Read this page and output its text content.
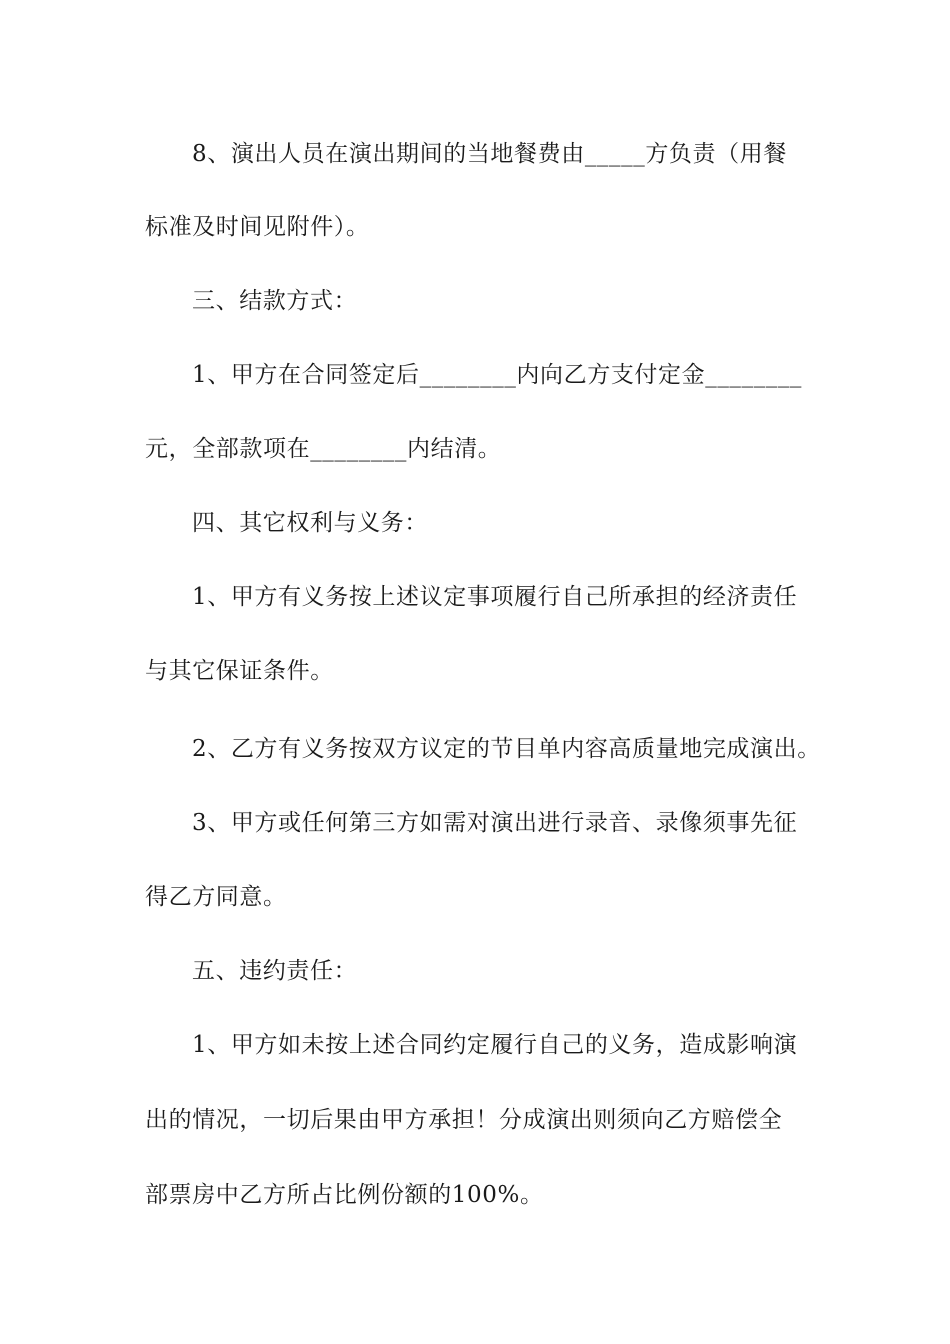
8、演出人员在演出期间的当地餐费由_____方负责（用餐
标准及时间见附件）。
三、结款方式：
1、甲方在合同签定后________内向乙方支付定金________
元，全部款项在________内结清。
四、其它权利与义务：
1、甲方有义务按上述议定事项履行自己所承担的经济责任
与其它保证条件。
2、乙方有义务按双方议定的节目单内容高质量地完成演出。
3、甲方或任何第三方如需对演出进行录音、录像须事先征
得乙方同意。
五、违约责任：
1、甲方如未按上述合同约定履行自己的义务，造成影响演
出的情况，一切后果由甲方承担！分成演出则须向乙方赔偿全
部票房中乙方所占比例份额的100%。
